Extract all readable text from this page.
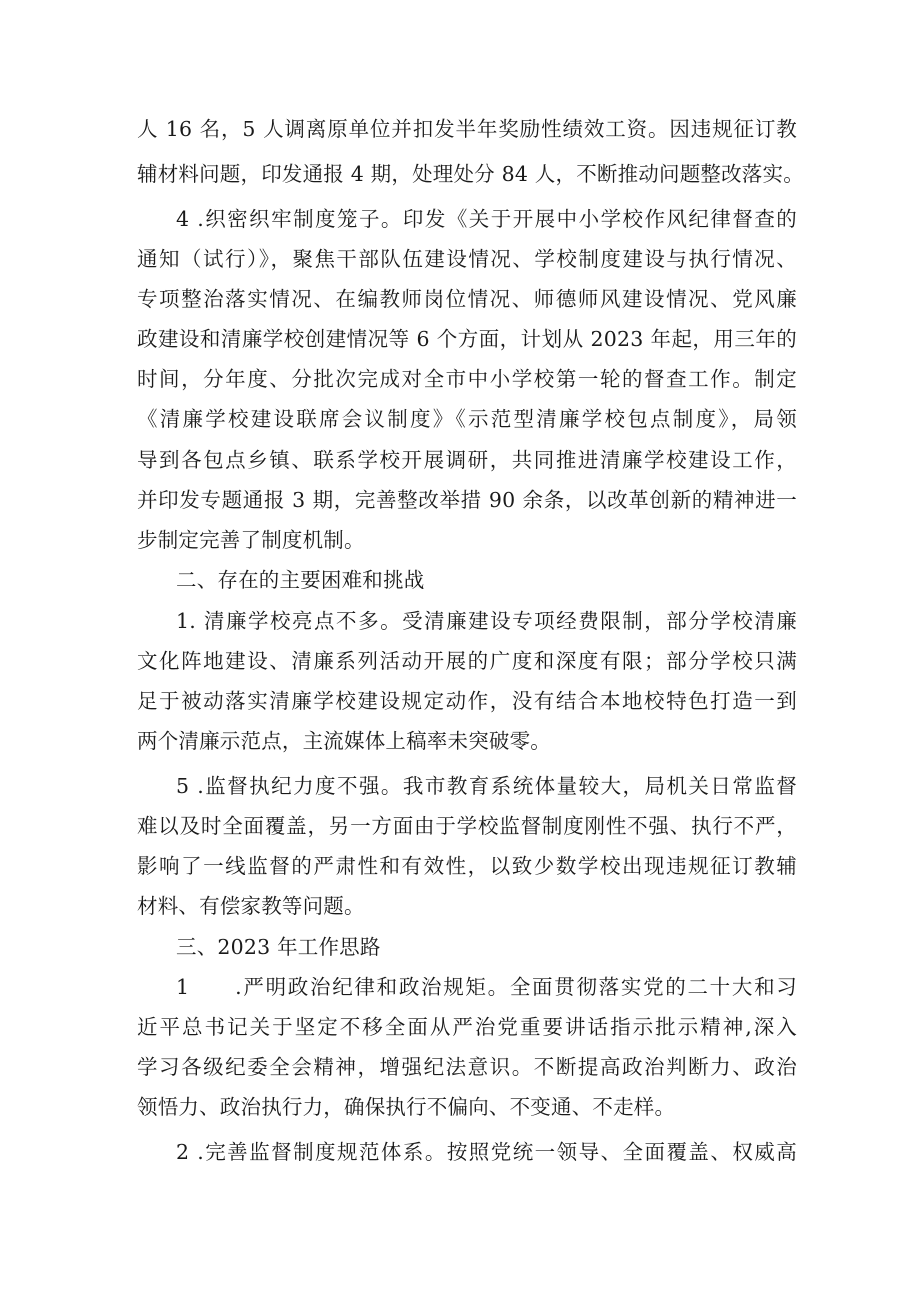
人 16 名，5 人调离原单位并扣发半年奖励性绩效工资。因违规征订教
辅材料问题，印发通报 4 期，处理处分 84 人，不断推动问题整改落实。
4 .织密织牢制度笼子。印发《关于开展中小学校作风纪律督查的
通知（试行）》，聚焦干部队伍建设情况、学校制度建设与执行情况、
专项整治落实情况、在编教师岗位情况、师德师风建设情况、党风廉
政建设和清廉学校创建情况等 6 个方面，计划从 2023 年起，用三年的
时间，分年度、分批次完成对全市中小学校第一轮的督查工作。制定
《清廉学校建设联席会议制度》《示范型清廉学校包点制度》，局领
导到各包点乡镇、联系学校开展调研，共同推进清廉学校建设工作，
并印发专题通报 3 期，完善整改举措 90 余条，以改革创新的精神进一
步制定完善了制度机制。
二、存在的主要困难和挑战
1. 清廉学校亮点不多。受清廉建设专项经费限制，部分学校清廉
文化阵地建设、清廉系列活动开展的广度和深度有限；部分学校只满
足于被动落实清廉学校建设规定动作，没有结合本地校特色打造一到
两个清廉示范点，主流媒体上稿率未突破零。
5 .监督执纪力度不强。我市教育系统体量较大，局机关日常监督
难以及时全面覆盖，另一方面由于学校监督制度刚性不强、执行不严，
影响了一线监督的严肃性和有效性，以致少数学校出现违规征订教辅
材料、有偿家教等问题。
三、2023 年工作思路
1　　.严明政治纪律和政治规矩。全面贯彻落实党的二十大和习
近平总书记关于坚定不移全面从严治党重要讲话指示批示精神,深入
学习各级纪委全会精神，增强纪法意识。不断提高政治判断力、政治
领悟力、政治执行力，确保执行不偏向、不变通、不走样。
2 .完善监督制度规范体系。按照党统一领导、全面覆盖、权威高
